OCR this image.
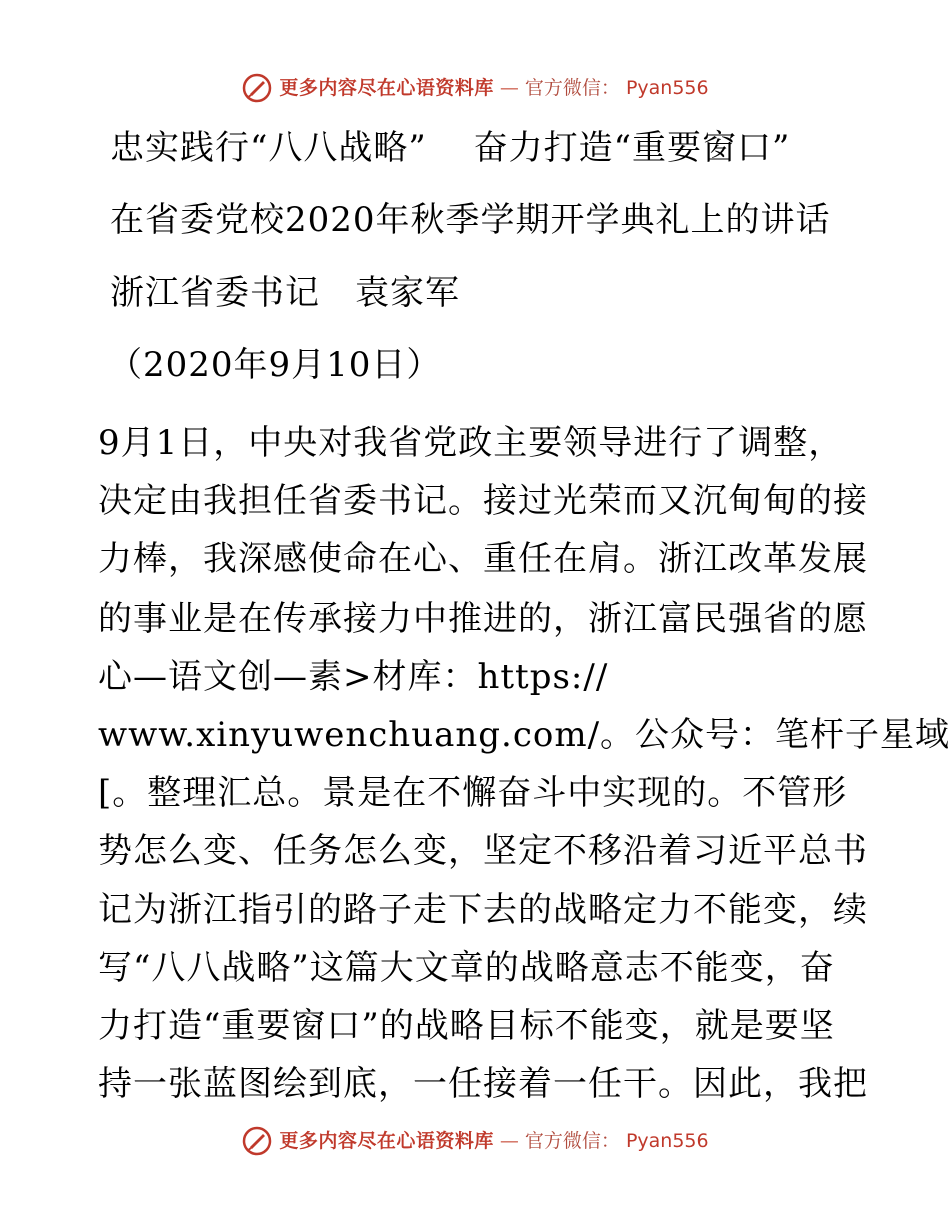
更多内容尽在心语资料库 — 官方微信： Pyan556
忠实践行“八八战略”　 奋力打造“重要窗口”
在省委党校2020年秋季学期开学典礼上的讲话
浙江省委书记　袁家军
（2020年9月10日）
9月1日，中央对我省党政主要领导进行了调整，
决定由我担任省委书记。接过光荣而又沉甸甸的接
力棒，我深感使命在心、重任在肩。浙江改革发展
的事业是在传承接力中推进的，浙江富民强省的愿
心—语文创—素>材库：https://
www.xinyuwenchuang.com/。公众号：笔杆子星域
[。整理汇总。景是在不懈奋斗中实现的。不管形
势怎么变、任务怎么变，坚定不移沿着习近平总书
记为浙江指引的路子走下去的战略定力不能变，续
写“八八战略”这篇大文章的战略意志不能变，奋
力打造“重要窗口”的战略目标不能变，就是要坚
持一张蓝图绘到底，一任接着一任干。因此，我把
更多内容尽在心语资料库 — 官方微信： Pyan556
